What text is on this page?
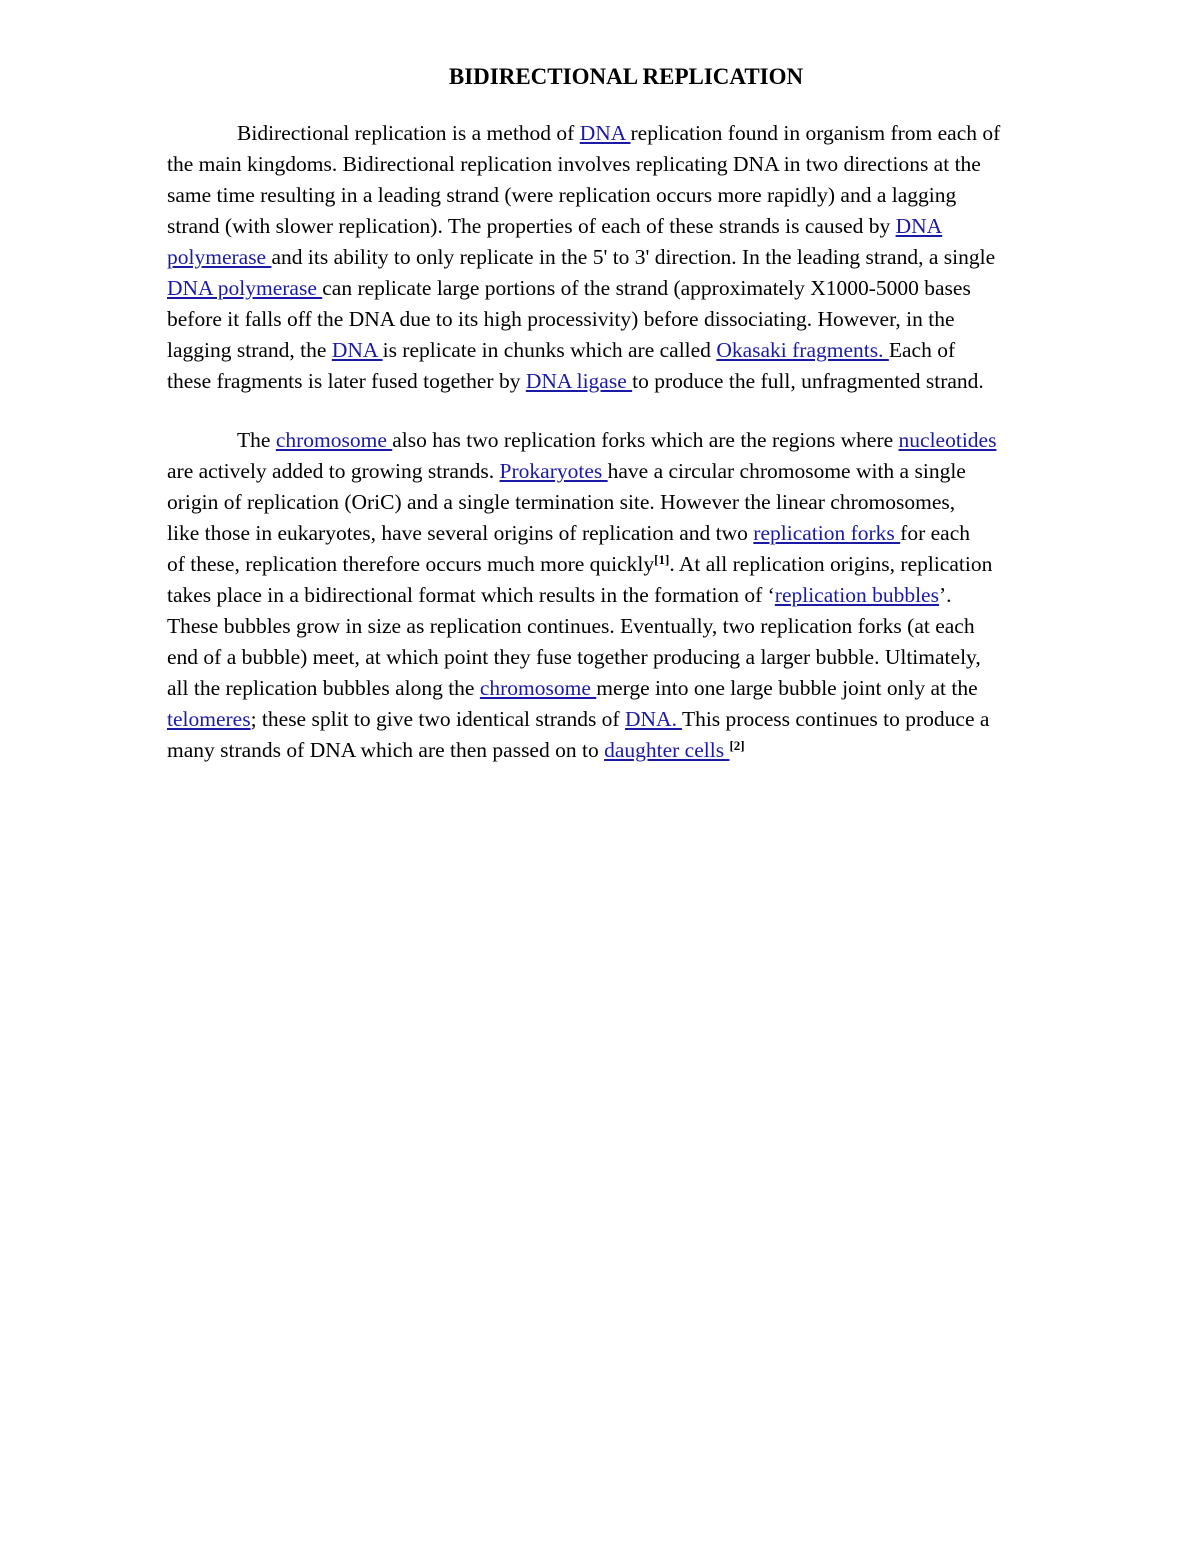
BIDIRECTIONAL REPLICATION
Bidirectional replication is a method of DNA replication found in organism from each of
the main kingdoms. Bidirectional replication involves replicating DNA in two directions at the
same time resulting in a leading strand (were replication occurs more rapidly) and a lagging
strand (with slower replication). The properties of each of these strands is caused by DNA
polymerase and its ability to only replicate in the 5' to 3' direction. In the leading strand, a single
DNA polymerase can replicate large portions of the strand (approximately X1000-5000 bases
before it falls off the DNA due to its high processivity) before dissociating. However, in the
lagging strand, the DNA is replicate in chunks which are called Okasaki fragments. Each of
these fragments is later fused together by DNA ligase to produce the full, unfragmented strand.
The chromosome also has two replication forks which are the regions where nucleotides
are actively added to growing strands. Prokaryotes have a circular chromosome with a single
origin of replication (OriC) and a single termination site. However the linear chromosomes,
like those in eukaryotes, have several origins of replication and two replication forks for each
of these, replication therefore occurs much more quickly[1]. At all replication origins, replication
takes place in a bidirectional format which results in the formation of ‘replication bubbles’.
These bubbles grow in size as replication continues. Eventually, two replication forks (at each
end of a bubble) meet, at which point they fuse together producing a larger bubble. Ultimately,
all the replication bubbles along the chromosome merge into one large bubble joint only at the
telomeres; these split to give two identical strands of DNA. This process continues to produce a
many strands of DNA which are then passed on to daughter cells [2]
